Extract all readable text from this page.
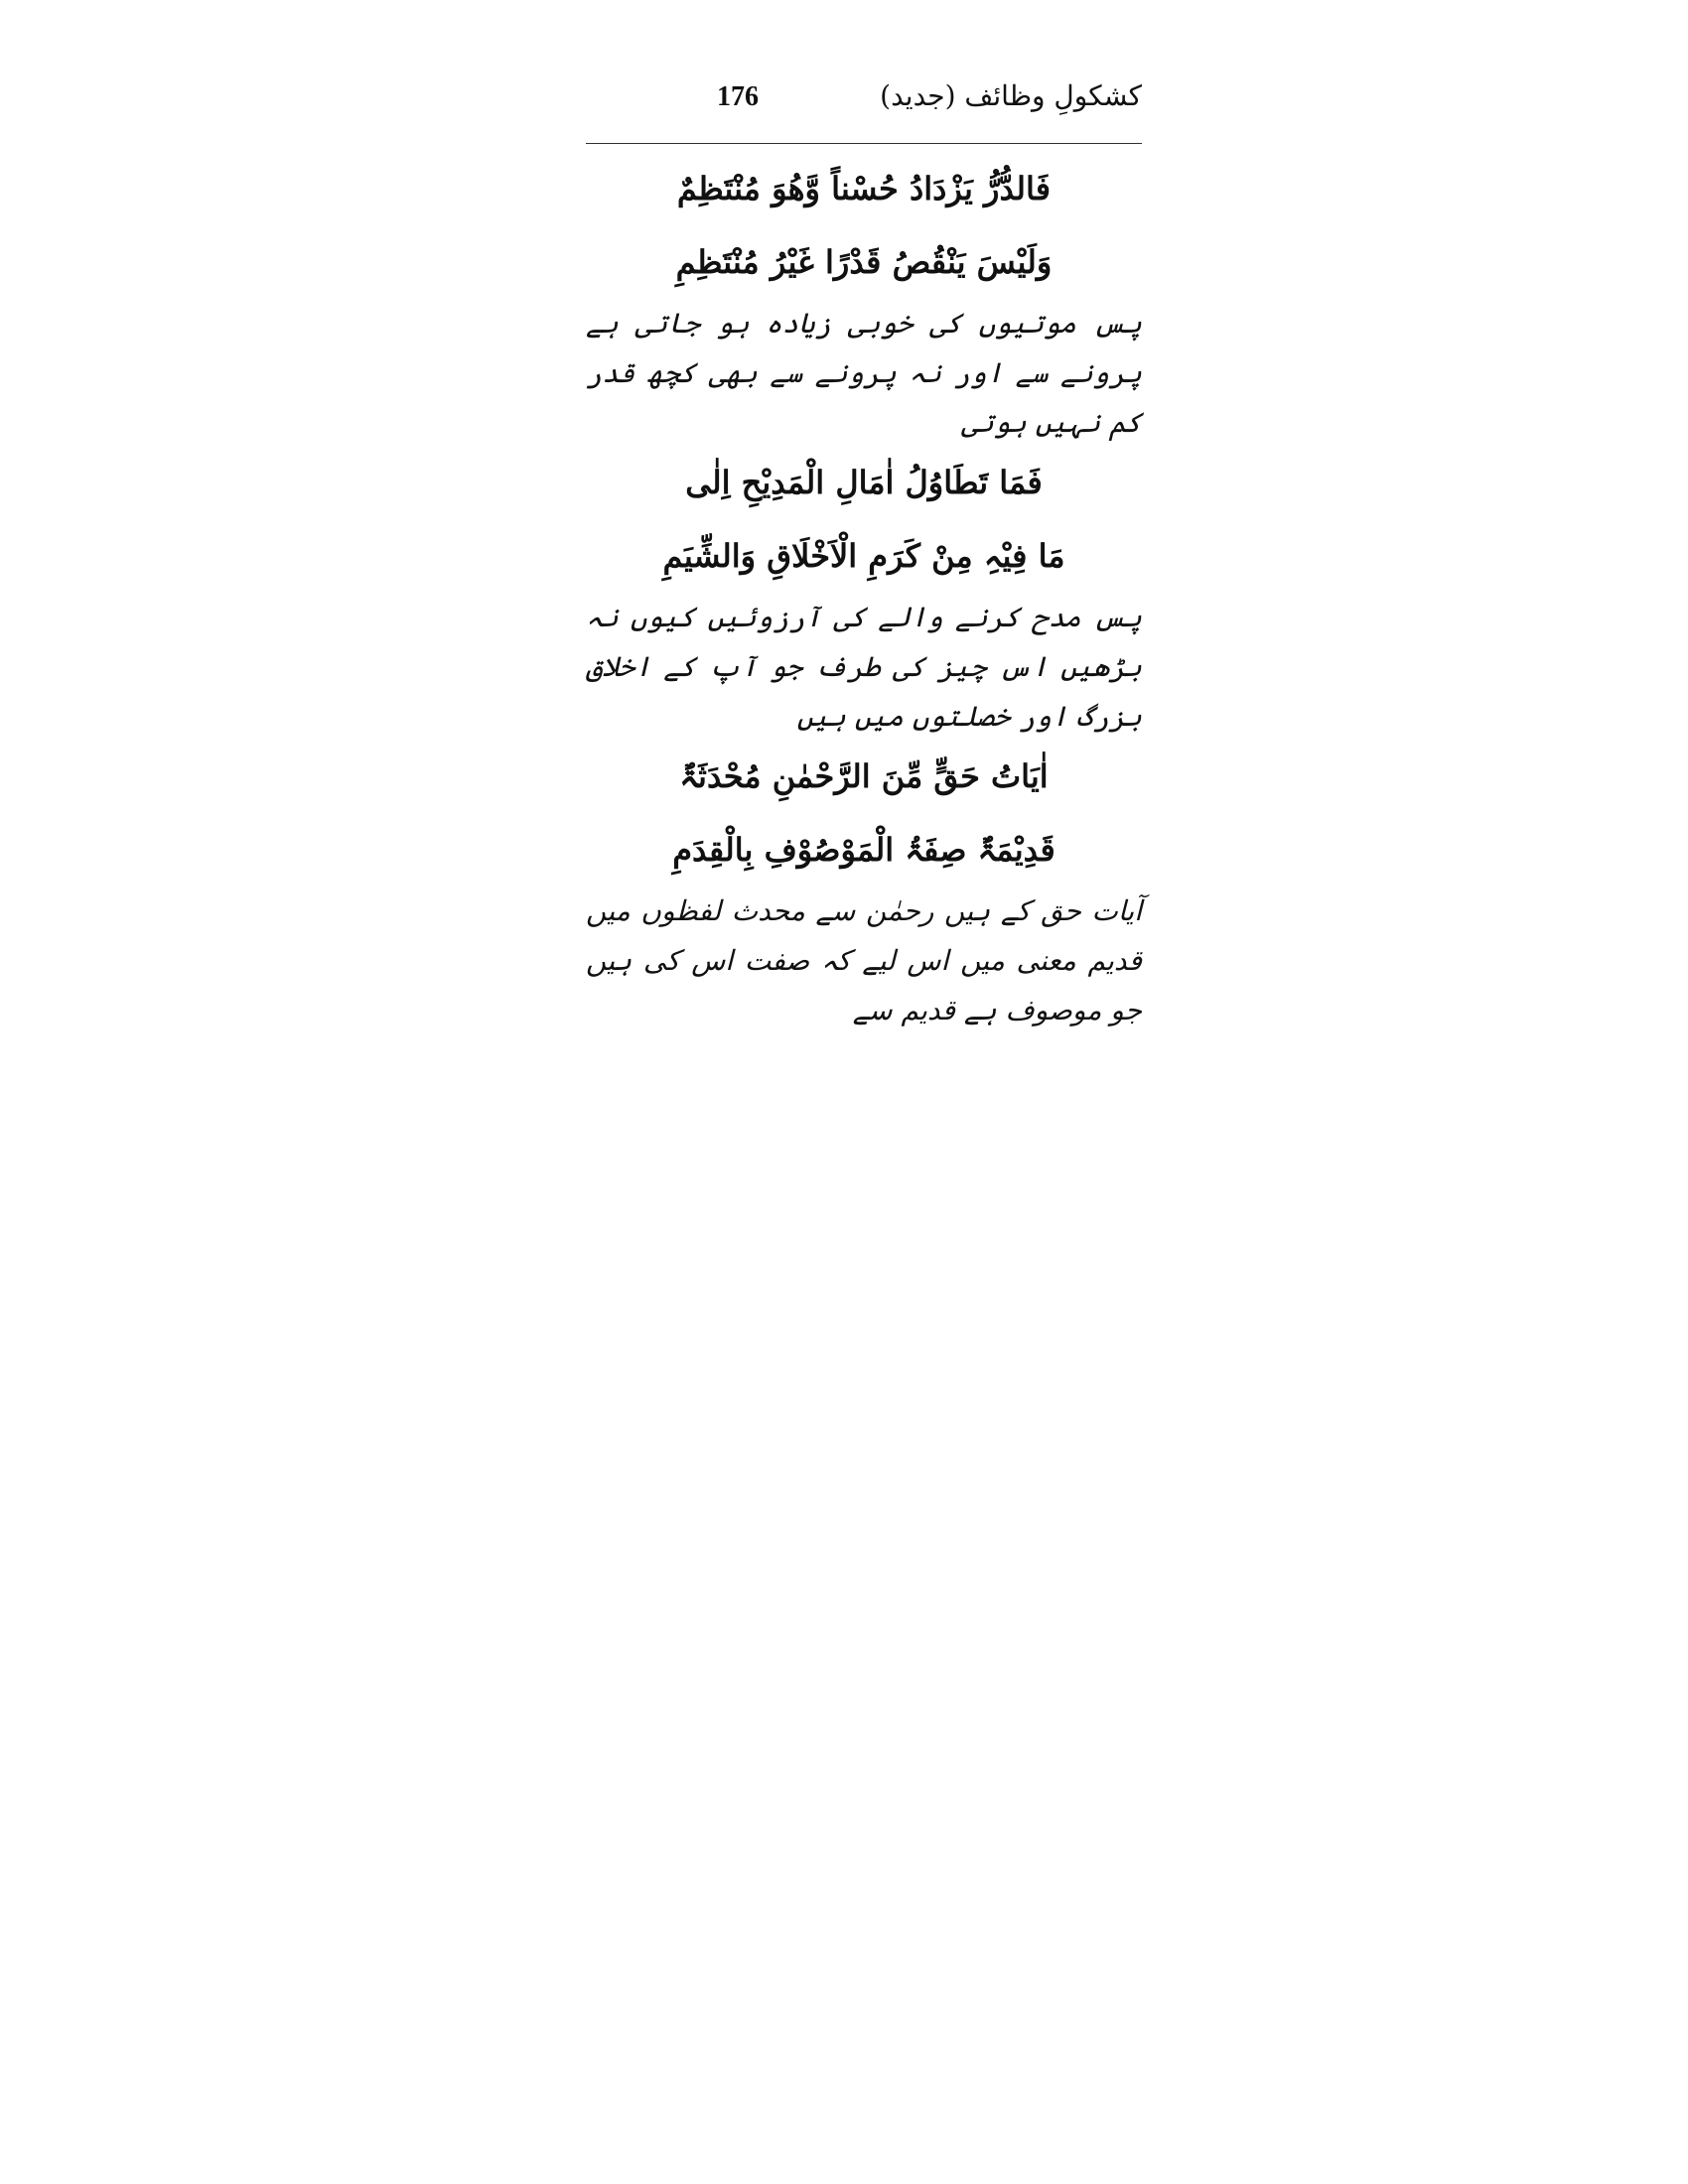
کشکولِ وظائف (جدید)
176
فَالدُّرُّ یَزْدَادُ حُسْناً وَّھُوَ مُنْتَظِمٌ
وَلَیْسَ یَنْقُصُ قَدْرًا غَیْرُ مُنْتَظِمِ
پس موتیوں کی خوبی زیادہ ہو جاتی ہے پرونے سے اور نہ پرونے سے بھی کچھ قدر کم نہیں ہوتی
فَمَا تَطَاوُلُ اٰمَالِ الْمَدِیْحِ اِلٰی
مَا فِیْہِ مِنْ کَرَمِ الْاَخْلَاقِ وَالشِّیَمِ
پس مدح کرنے والے کی آرزوئیں کیوں نہ بڑھیں اس چیز کی طرف جو آپ کے اخلاق بزرگ اور خصلتوں میں ہیں
اٰیَاتُ حَقٍّ مِّنَ الرَّحْمٰنِ مُحْدَثَۃٌ
قَدِیْمَۃٌ صِفَۃُ الْمَوْصُوْفِ بِالْقِدَمِ
آیات حق کے ہیں رحمٰن سے محدث لفظوں میں قدیم معنی میں اس لیے کہ صفت اس کی ہیں جو موصوف ہے قدیم سے
